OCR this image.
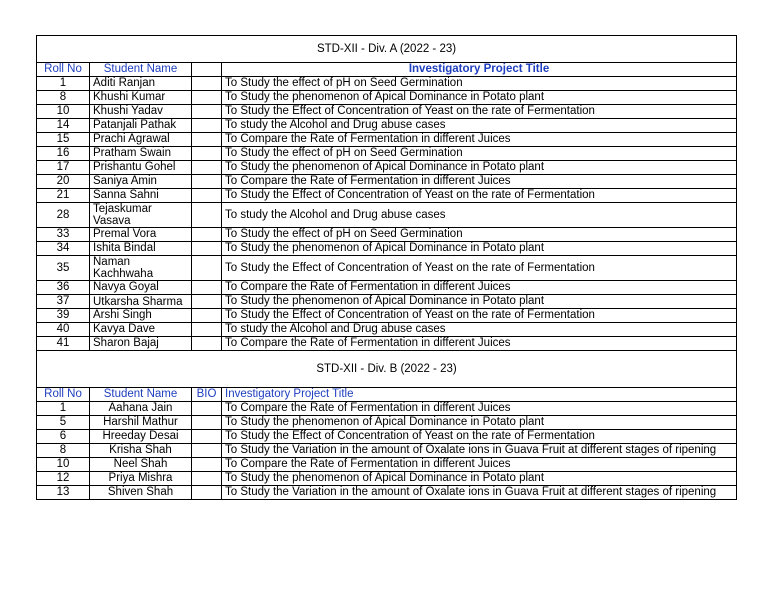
STD-XII - Div. A (2022 - 23)			
Roll No	Student Name		Investigatory Project Title
1	Aditi Ranjan		To Study the effect of pH on Seed Germination
8	Khushi Kumar		To Study the phenomenon of Apical Dominance in Potato plant
10	Khushi Yadav		To Study the Effect of Concentration of Yeast on the rate of Fermentation
14	Patanjali Pathak		To study the Alcohol and Drug abuse cases
15	Prachi Agrawal		To Compare the Rate of Fermentation in different Juices
16	Pratham Swain		To Study the effect of pH on Seed Germination
17	Prishantu Gohel		To Study the phenomenon of Apical Dominance in Potato plant
20	Saniya Amin		To Compare the Rate of Fermentation in different Juices
21	Sanna Sahni		To Study the Effect of Concentration of Yeast on the rate of Fermentation
28	Tejaskumar Vasava		To study the Alcohol and Drug abuse cases
33	Premal Vora		To Study the effect of pH on Seed Germination
34	Ishita Bindal		To Study the phenomenon of Apical Dominance in Potato plant
35	Naman Kachhwaha		To Study the Effect of Concentration of Yeast on the rate of Fermentation
36	Navya Goyal		To Compare the Rate of Fermentation in different Juices
37	Utkarsha Sharma		To Study the phenomenon of Apical Dominance in Potato plant
39	Arshi Singh		To Study the Effect of Concentration of Yeast on the rate of Fermentation
40	Kavya Dave		To study the Alcohol and Drug abuse cases
41	Sharon Bajaj		To Compare the Rate of Fermentation in different Juices
STD-XII - Div. B (2022 - 23)			
Roll No	Student Name	BIO	Investigatory Project Title
1	Aahana Jain		To Compare the Rate of Fermentation in different Juices
5	Harshil Mathur		To Study the phenomenon of Apical Dominance in Potato plant
6	Hreeday Desai		To Study the Effect of Concentration of Yeast on the rate of Fermentation
8	Krisha Shah		To Study the Variation in the amount of Oxalate ions in Guava Fruit at different stages of ripening
10	Neel Shah		To Compare the Rate of Fermentation in different Juices
12	Priya Mishra		To Study the phenomenon of Apical Dominance in Potato plant
13	Shiven Shah		To Study the Variation in the amount of Oxalate ions in Guava Fruit at different stages of ripening
